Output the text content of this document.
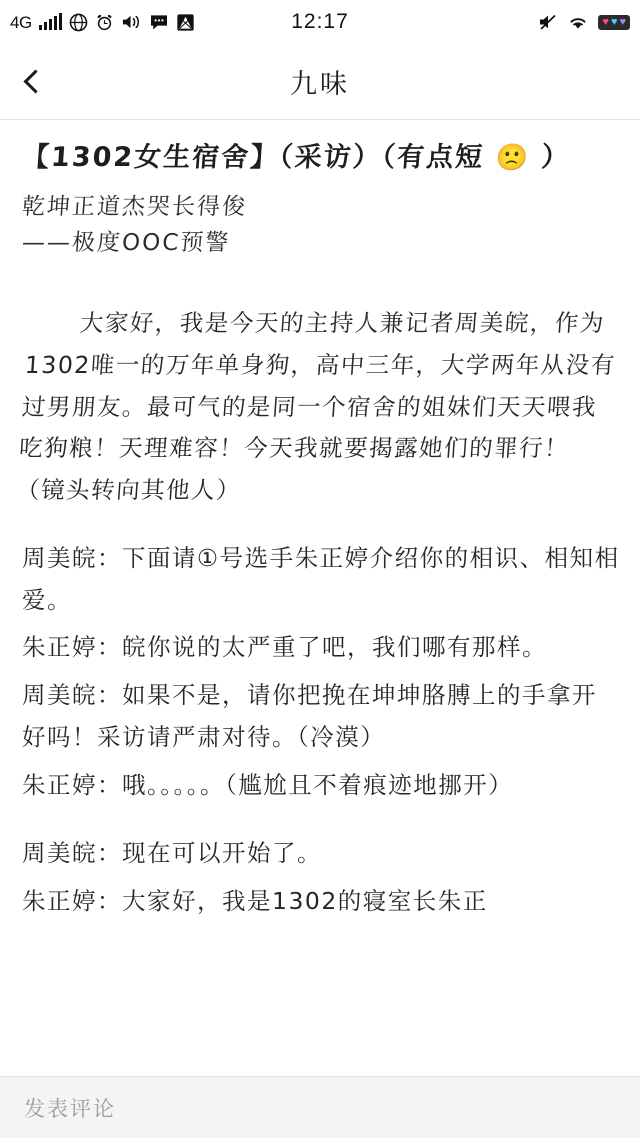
4G	12:17	♥ ♥ ♥
九味
【1302女生宿舍】（采访）（有点短 🙁 ）
乾坤正道杰哭长得俊
——极度OOC预警
大家好，我是今天的主持人兼记者周美皖，作为1302唯一的万年单身狗，高中三年，大学两年从没有过男朋友。最可气的是同一个宿舍的姐妹们天天喂我吃狗粮！天理难容！今天我就要揭露她们的罪行！（镜头转向其他人）
周美皖：下面请①号选手朱正婷介绍你的相识、相知相爱。
朱正婷：皖你说的太严重了吧，我们哪有那样。
周美皖：如果不是，请你把挽在坤坤胳膊上的手拿开好吗！采访请严肃对待。（冷漠）
朱正婷：哦。。。。。（尴尬且不着痕迹地挪开）
周美皖：现在可以开始了。
朱正婷：大家好，我是1302的寝室长朱正
发表评论
